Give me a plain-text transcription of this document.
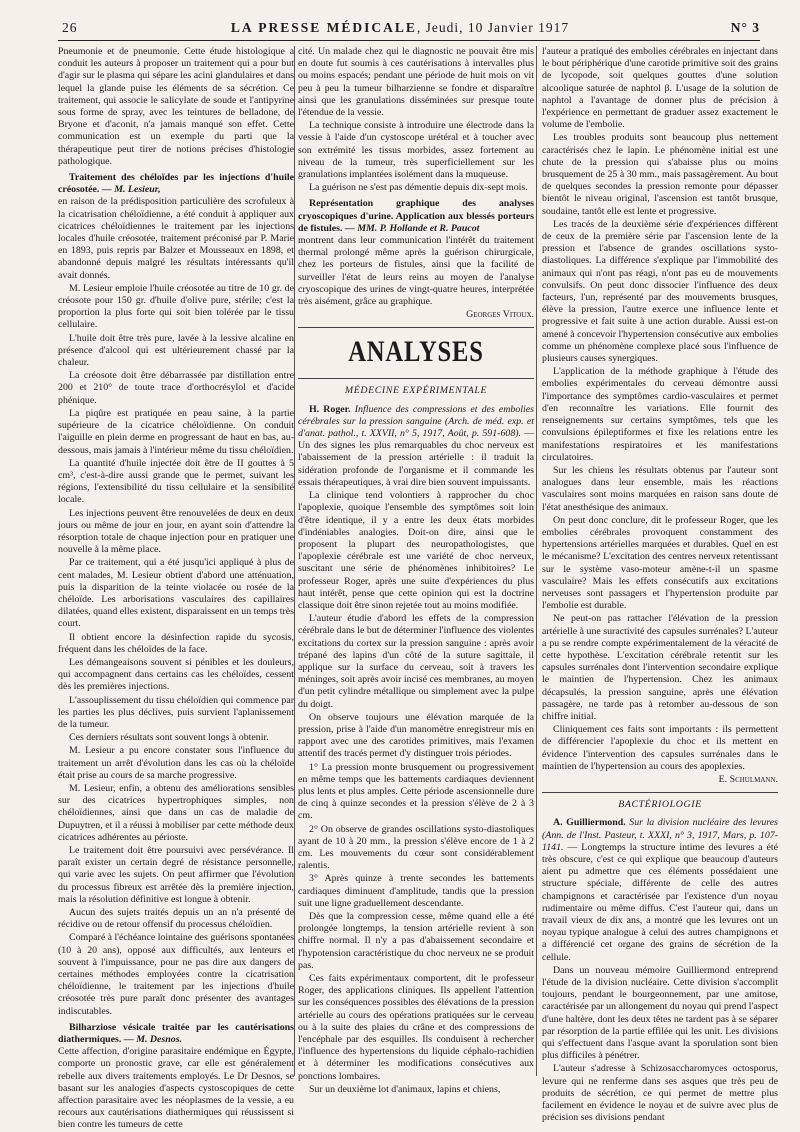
26	LA PRESSE MÉDICALE, Jeudi, 10 Janvier 1917	N° 3

Pneumonie et de pneumonie. Cette étude histologique a conduit les auteurs à proposer un traitement qui a pour but d'agir sur le plasma qui sépare les acini glandulaires et dans lequel la glande puise les éléments de sa sécrétion. Ce traitement, qui associe le salicylate de soude et l'antipyrine sous forme de spray, avec les teintures de belladone, de Bryone et d'aconit, n'a jamais manqué son effet. Cette communication est un exemple du parti que la thérapeutique peut tirer de notions précises d'histologie pathologique.

Traitement des chéloïdes par les injections d'huile créosotée. — M. Lesieur,

en raison de la prédisposition particulière des scrofuleux à la cicatrisation chéloïdienne, a été conduit à appliquer aux cicatrices chéloïdiennes le traitement par les injections locales d'huile créosotée, traitement préconisé par P. Marie en 1893, puis repris par Balzer et Mousseaux en 1898, et abandonné depuis malgré les résultats intéressants qu'il avait donnés.

M. Lesieur emploie l'huile créosotée au titre de 10 gr. de créosote pour 150 gr. d'huile d'olive pure, stérile; c'est la proportion la plus forte qui soit bien tolérée par le tissu cellulaire.

L'huile doit être très pure, lavée à la lessive alcaline en présence d'alcool qui est ultérieurement chassé par la chaleur.

La créosote doit être débarrassée par distillation entre 200 et 210° de toute trace d'orthocrésylol et d'acide phénique.

La piqûre est pratiquée en peau saine, à la partie supérieure de la cicatrice chéloïdienne. On conduit l'aiguille en plein derme en progressant de haut en bas, au-dessous, mais jamais à l'intérieur même du tissu chéloïdien.

La quantité d'huile injectée doit être de II gouttes à 5 cm³, c'est-à-dire aussi grande que le permet, suivant les régions, l'extensibilité du tissu cellulaire et la sensibilité locale.

Les injections peuvent être renouvelées de deux en deux jours ou même de jour en jour, en ayant soin d'attendre la résorption totale de chaque injection pour en pratiquer une nouvelle à la même place.

Par ce traitement, qui a été jusqu'ici appliqué à plus de cent malades, M. Lesieur obtient d'abord une atténuation, puis la disparition de la teinte violacée ou rosée de la chéloïde. Les arborisations vasculaires des capillaires dilatées, quand elles existent, disparaissent en un temps très court.

Il obtient encore la désinfection rapide du sycosis, fréquent dans les chéloïdes de la face.

Les démangeaisons souvent si pénibles et les douleurs, qui accompagnent dans certains cas les chéloïdes, cessent dès les premières injections.

L'assouplissement du tissu chéloïdien qui commence par les parties les plus déclives, puis survient l'aplanissement de la tumeur.

Ces derniers résultats sont souvent longs à obtenir.

M. Lesieur a pu encore constater sous l'influence du traitement un arrêt d'évolution dans les cas où la chéloïde était prise au cours de sa marche progressive.

M. Lesieur, enfin, a obtenu des améliorations sensibles sur des cicatrices hypertrophiques simples, non chéloïdiennes, ainsi que dans un cas de maladie de Dupuytren, et il a réussi à mobiliser par cette méthode deux cicatrices adhérentes au périoste.

Le traitement doit être poursuivi avec persévérance. Il paraît exister un certain degré de résistance personnelle, qui varie avec les sujets. On peut affirmer que l'évolution du processus fibreux est arrêtée dès la première injection, mais la résolution définitive est longue à obtenir.

Aucun des sujets traités depuis un an n'a présenté de récidive ou de retour offensif du processus chéloïdien.

Comparé à l'échéance lointaine des guérisons spontanées (10 à 20 ans), opposé aux difficultés, aux lenteurs et souvent à l'impuissance, pour ne pas dire aux dangers de certaines méthodes employées contre la cicatrisation chéloïdienne, le traitement par les injections d'huile créosotée très pure paraît donc présenter des avantages indiscutables.

Bilharziose vésicale traitée par les cautérisations diathermiques. — M. Desnos.

Cette affection, d'origine parasitaire endémique en Égypte, comporte un pronostic grave, car elle est généralement rebelle aux divers traitements employés. Le Dr Desnos, se basant sur les analogies d'aspects cystoscopiques de cette affection parasitaire avec les néoplasmes de la vessie, a eu recours aux cautérisations diathermiques qui réussissent si bien contre les tumeurs de cette

cité. Un malade chez qui le diagnostic ne pouvait être mis en doute fut soumis à ces cautérisations à intervalles plus ou moins espacés; pendant une période de huit mois on vit peu à peu la tumeur bilharzienne se fondre et disparaître ainsi que les granulations disséminées sur presque toute l'étendue de la vessie.

La technique consiste à introduire une électrode dans la vessie à l'aide d'un cystoscope urétéral et à toucher avec son extrémité les tissus morbides, assez fortement au niveau de la tumeur, très superficiellement sur les granulations implantées isolément dans la muqueuse.

La guérison ne s'est pas démentie depuis dix-sept mois.

Représentation graphique des analyses cryoscopiques d'urine. Application aux blessés porteurs de fistules. — MM. P. Hollande et R. Paucot

montrent dans leur communication l'intérêt du traitement thermal prolongé même après la guérison chirurgicale, chez les porteurs de fistules, ainsi que la facilité de surveiller l'état de leurs reins au moyen de l'analyse cryoscopique des urines de vingt-quatre heures, interprétée très aisément, grâce au graphique.

Georges Vitoux.

ANALYSES
MÉDECINE EXPÉRIMENTALE

H. Roger. Influence des compressions et des embolies cérébrales sur la pression sanguine (Arch. de méd. exp. et d'anat. pathol., t. XXVII, n° 5, 1917, Août, p. 591-608). — Un des signes les plus remarquables du choc nerveux est l'abaissement de la pression artérielle : il traduit la sidération profonde de l'organisme et il commande les essais thérapeutiques, à vrai dire bien souvent impuissants.

La clinique tend volontiers à rapprocher du choc l'apoplexie, quoique l'ensemble des symptômes soit loin d'être identique, il y a entre les deux états morbides d'indéniables analogies. Doit-on dire, ainsi que le proposent la plupart des neuropathologistes, que l'apoplexie cérébrale est une variété de choc nerveux, suscitant une série de phénomènes inhibitoires? Le professeur Roger, après une suite d'expériences du plus haut intérêt, pense que cette opinion qui est la doctrine classique doit être sinon rejetée tout au moins modifiée.

L'auteur étudie d'abord les effets de la compression cérébrale dans le but de déterminer l'influence des violentes excitations du cortex sur la pression sanguine : après avoir trépané des lapins d'un côté de la suture sagittale, il applique sur la surface du cerveau, soit à travers les méninges, soit après avoir incisé ces membranes, au moyen d'un petit cylindre métallique ou simplement avec la pulpe du doigt.

On observe toujours une élévation marquée de la pression, prise à l'aide d'un manomètre enregistreur mis en rapport avec une des carotides primitives, mais l'examen attentif des tracés permet d'y distinguer trois périodes.

1° La pression monte brusquement ou progressivement en même temps que les battements cardiaques deviennent plus lents et plus amples. Cette période ascensionnelle dure de cinq à quinze secondes et la pression s'élève de 2 à 3 cm.

2° On observe de grandes oscillations systo-diastoliques ayant de 10 à 20 mm., la pression s'élève encore de 1 à 2 cm. Les mouvements du cœur sont considérablement ralentis.

3° Après quinze à trente secondes les battements cardiaques diminuent d'amplitude, tandis que la pression suit une ligne graduellement descendante.

Dès que la compression cesse, même quand elle a été prolongée longtemps, la tension artérielle revient à son chiffre normal. Il n'y a pas d'abaissement secondaire et l'hypotension caractéristique du choc nerveux ne se produit pas.

Ces faits expérimentaux comportent, dit le professeur Roger, des applications cliniques. Ils appellent l'attention sur les conséquences possibles des élévations de la pression artérielle au cours des opérations pratiquées sur le cerveau ou à la suite des plaies du crâne et des compressions de l'encéphale par des esquilles. Ils conduisent à rechercher l'influence des hypertensions du liquide céphalo-rachidien et à déterminer les modifications consécutives aux ponctions lombaires.

Sur un deuxième lot d'animaux, lapins et chiens,

l'auteur a pratiqué des embolies cérébrales en injectant dans le bout périphérique d'une carotide primitive soit des grains de lycopode, soit quelques gouttes d'une solution alcoolique saturée de naphtol β. L'usage de la solution de naphtol a l'avantage de donner plus de précision à l'expérience en permettant de graduer assez exactement le volume de l'embolie.

Les troubles produits sont beaucoup plus nettement caractérisés chez le lapin. Le phénomène initial est une chute de la pression qui s'abaisse plus ou moins brusquement de 25 à 30 mm., mais passagèrement. Au bout de quelques secondes la pression remonte pour dépasser bientôt le niveau original, l'ascension est tantôt brusque, soudaine, tantôt elle est lente et progressive.

Les tracés de la deuxième série d'expériences diffèrent de ceux de la première série par l'ascension lente de la pression et l'absence de grandes oscillations systo-diastoliques. La différence s'explique par l'immobilité des animaux qui n'ont pas réagi, n'ont pas eu de mouvements convulsifs. On peut donc dissocier l'influence des deux facteurs, l'un, représenté par des mouvements brusques, élève la pression, l'autre exerce une influence lente et progressive et fait suite à une action durable. Aussi est-on amené à concevoir l'hypertension consécutive aux embolies comme un phénomène complexe placé sous l'influence de plusieurs causes synergiques.

L'application de la méthode graphique à l'étude des embolies expérimentales du cerveau démontre aussi l'importance des symptômes cardio-vasculaires et permet d'en reconnaître les variations. Elle fournit des renseignements sur certains symptômes, tels que les convulsions épileptiformes et fixe les relations entre les manifestations respiratoires et les manifestations circulatoires.

Sur les chiens les résultats obtenus par l'auteur sont analogues dans leur ensemble, mais les réactions vasculaires sont moins marquées en raison sans doute de l'état anesthésique des animaux.

On peut donc conclure, dit le professeur Roger, que les embolies cérébrales provoquent constamment des hypertensions artérielles marquées et durables. Quel en est le mécanisme? L'excitation des centres nerveux retentissant sur le système vaso-moteur amène-t-il un spasme vasculaire? Mais les effets consécutifs aux excitations nerveuses sont passagers et l'hypertension produite par l'embolie est durable.

Ne peut-on pas rattacher l'élévation de la pression artérielle à une suractivité des capsules surrénales? L'auteur a pu se rendre compte expérimentalement de la véracité de cette hypothèse. L'excitation cérébrale retentit sur les capsules surrénales dont l'intervention secondaire explique le maintien de l'hypertension. Chez les animaux décapsulés, la pression sanguine, après une élévation passagère, ne tarde pas à retomber au-dessous de son chiffre initial.

Cliniquement ces faits sont importants : ils permettent de différencier l'apoplexie du choc et ils mettent en évidence l'intervention des capsules surrénales dans le maintien de l'hypertension au cours des apoplexies.

E. Schulmann.

BACTÉRIOLOGIE

A. Guilliermond. Sur la division nucléaire des levures (Ann. de l'Inst. Pasteur, t. XXXI, n° 3, 1917, Mars, p. 107-1141. — Longtemps la structure intime des levures a été très obscure, c'est ce qui explique que beaucoup d'auteurs aient pu admettre que ces éléments possédaient une structure spéciale, différente de celle des autres champignons et caractérisée par l'existence d'un noyau rudimentaire ou même diffus. C'est l'auteur qui, dans un travail vieux de dix ans, a montré que les levures ont un noyau typique analogue à celui des autres champignons et a différencié cet organe des grains de sécrétion de la cellule.

Dans un nouveau mémoire Guilliermond entreprend l'étude de la division nucléaire. Cette division s'accomplit toujours, pendant le bourgeonnement, par une amitose, caractérisée par un allongement du noyau qui prend l'aspect d'une haltère, dont les deux têtes ne tardent pas à se séparer par résorption de la partie effilée qui les unit. Les divisions qui s'effectuent dans l'asque avant la sporulation sont bien plus difficiles à pénétrer.

L'auteur s'adresse à Schizosaccharomyces octosporus, levure qui ne renferme dans ses asques que très peu de produits de sécrétion, ce qui permet de mettre plus facilement en évidence le noyau et de suivre avec plus de précision ses divisions pendant
